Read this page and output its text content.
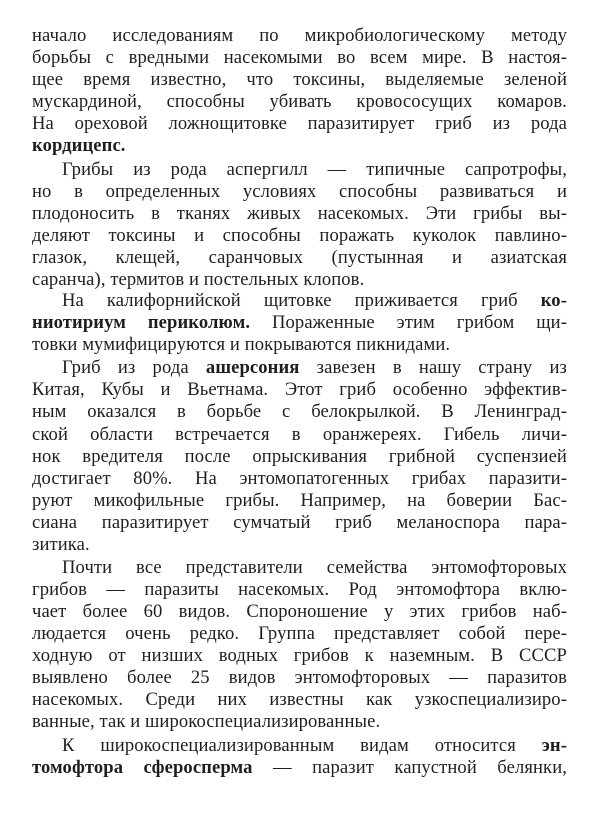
начало исследованиям по микробиологическому методу
борьбы с вредными насекомыми во всем мире. В настоя-
щее время известно, что токсины, выделяемые зеленой
мускардиной, способны убивать кровососущих комаров.
На ореховой ложнощитовке паразитирует гриб из рода
кордицепс.
Грибы из рода аспергилл — типичные сапротрофы,
но в определенных условиях способны развиваться и
плодоносить в тканях живых насекомых. Эти грибы вы-
деляют токсины и способны поражать куколок павлино-
глазок, клещей, саранчовых (пустынная и азиатская
саранча), термитов и постельных клопов.
На калифорнийской щитовке приживается гриб ко-
ниотириум периколюм. Пораженные этим грибом щи-
товки мумифицируются и покрываются пикнидами.
Гриб из рода ашерсония завезен в нашу страну из
Китая, Кубы и Вьетнама. Этот гриб особенно эффектив-
ным оказался в борьбе с белокрылкой. В Ленинград-
ской области встречается в оранжереях. Гибель личи-
нок вредителя после опрыскивания грибной суспензией
достигает 80%. На энтомопатогенных грибах паразити-
руют микофильные грибы. Например, на боверии Бас-
сиана паразитирует сумчатый гриб меланоспора пара-
зитика.
Почти все представители семейства энтомофторовых
грибов — паразиты насекомых. Род энтомофтора вклю-
чает более 60 видов. Спороношение у этих грибов наб-
людается очень редко. Группа представляет собой пере-
ходную от низших водных грибов к наземным. В СССР
выявлено более 25 видов энтомофторовых — паразитов
насекомых. Среди них известны как узкоспециализиро-
ванные, так и широкоспециализированные.
К широкоспециализированным видам относится эн-
томофтора сферосперма — паразит капустной белянки,
